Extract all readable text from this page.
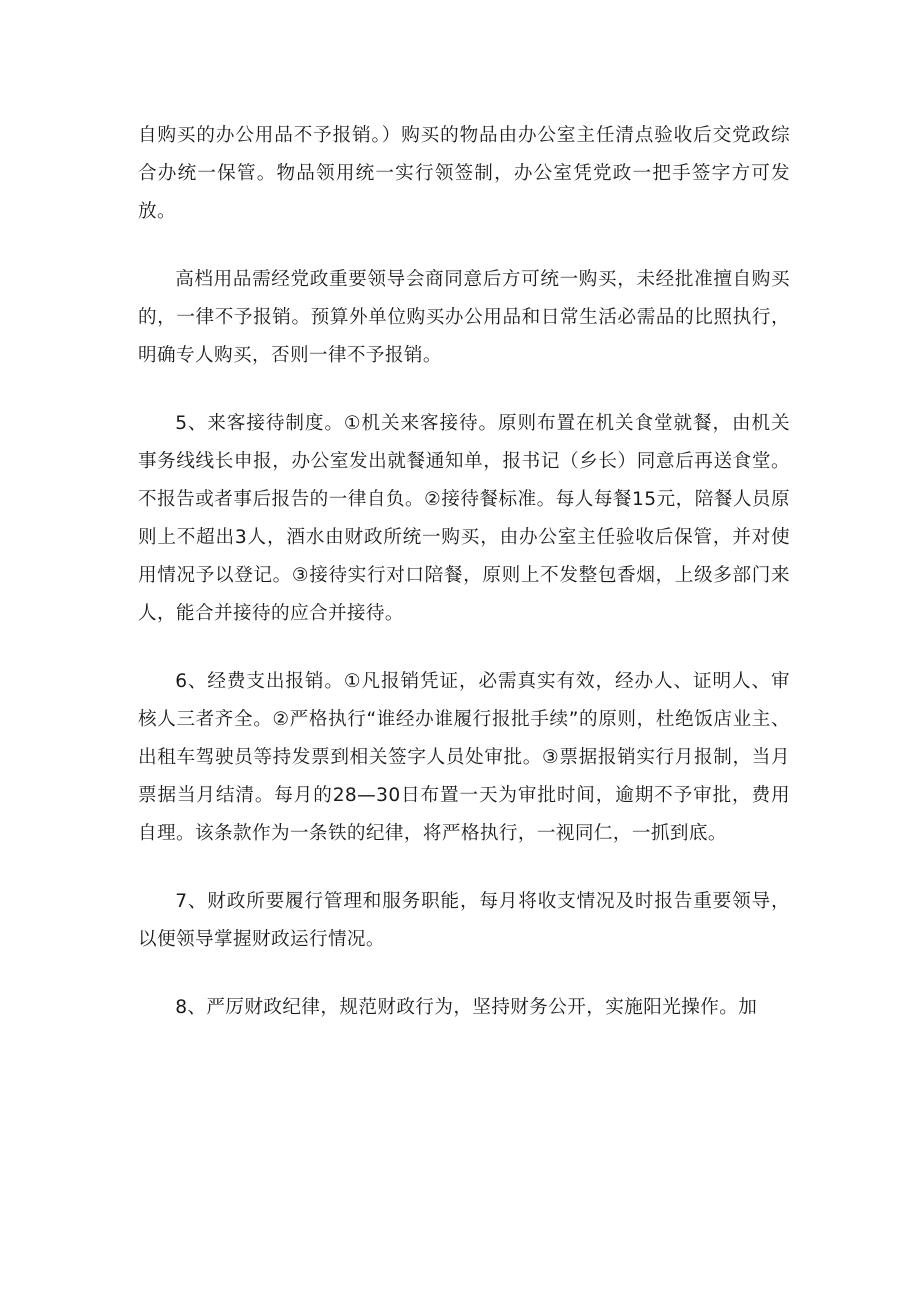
自购买的办公用品不予报销。）购买的物品由办公室主任清点验收后交党政综合办统一保管。物品领用统一实行领签制，办公室凭党政一把手签字方可发放。

高档用品需经党政重要领导会商同意后方可统一购买，未经批准擅自购买的，一律不予报销。预算外单位购买办公用品和日常生活必需品的比照执行，明确专人购买，否则一律不予报销。

5、来客接待制度。①机关来客接待。原则布置在机关食堂就餐，由机关事务线线长申报，办公室发出就餐通知单，报书记（乡长）同意后再送食堂。不报告或者事后报告的一律自负。②接待餐标准。每人每餐15元，陪餐人员原则上不超出3人，酒水由财政所统一购买，由办公室主任验收后保管，并对使用情况予以登记。③接待实行对口陪餐，原则上不发整包香烟，上级多部门来人，能合并接待的应合并接待。

6、经费支出报销。①凡报销凭证，必需真实有效，经办人、证明人、审核人三者齐全。②严格执行“谁经办谁履行报批手续”的原则，杜绝饭店业主、出租车驾驶员等持发票到相关签字人员处审批。③票据报销实行月报制，当月票据当月结清。每月的28—30日布置一天为审批时间，逾期不予审批，费用自理。该条款作为一条铁的纪律，将严格执行，一视同仁，一抓到底。

7、财政所要履行管理和服务职能，每月将收支情况及时报告重要领导，以便领导掌握财政运行情况。

8、严厉财政纪律，规范财政行为，坚持财务公开，实施阳光操作。加
